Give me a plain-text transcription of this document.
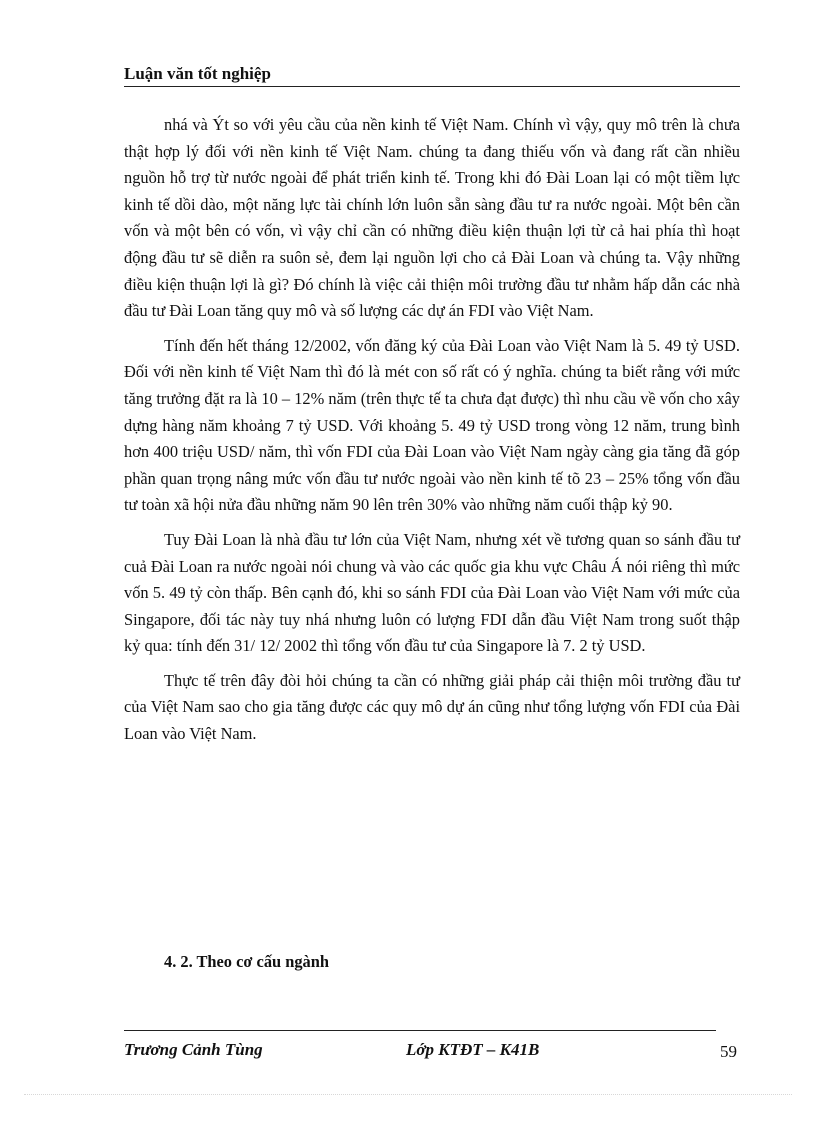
Luận văn tốt nghiệp

nhá và Ýt so với yêu cầu của nền kinh tế Việt Nam. Chính vì vậy, quy mô trên là chưa thật hợp lý đối với nền kinh tế Việt Nam. chúng ta đang thiếu vốn và đang rất cần nhiều nguồn hỗ trợ từ nước ngoài để phát triển kinh tế. Trong khi đó Đài Loan lại có một tiềm lực kinh tế dồi dào, một năng lực tài chính lớn luôn sẵn sàng đầu tư ra nước ngoài. Một bên cần vốn và một bên có vốn, vì vậy chỉ cần có những điều kiện thuận lợi từ cả hai phía thì hoạt động đầu tư sẽ diễn ra suôn sẻ, đem lại nguồn lợi cho cả Đài Loan và chúng ta. Vậy những điều kiện thuận lợi là gì? Đó chính là việc cải thiện môi trường đầu tư nhằm hấp dẫn các nhà đầu tư Đài Loan tăng quy mô và số lượng các dự án FDI vào Việt Nam.

Tính đến hết tháng 12/2002, vốn đăng ký của Đài Loan vào Việt Nam là 5. 49 tỷ USD. Đối với nền kinh tế Việt Nam thì đó là mét con số rất có ý nghĩa. chúng ta biết rằng với mức tăng trưởng đặt ra là 10 – 12% năm (trên thực tế ta chưa đạt được) thì nhu cầu về vốn cho xây dựng hàng năm khoảng 7 tỷ USD. Với khoảng 5. 49 tỷ USD trong vòng 12 năm, trung bình hơn 400 triệu USD/ năm, thì vốn FDI của Đài Loan vào Việt Nam ngày càng gia tăng đã góp phần quan trọng nâng mức vốn đầu tư nước ngoài vào nền kinh tế tõ 23 – 25% tổng vốn đầu tư toàn xã hội nửa đầu những năm 90 lên trên 30% vào những năm cuối thập kỷ 90.

Tuy Đài Loan là nhà đầu tư lớn của Việt Nam, nhưng xét về tương quan so sánh đầu tư cuả Đài Loan ra nước ngoài nói chung và vào các quốc gia khu vực Châu Á nói riêng thì mức vốn 5. 49 tỷ còn thấp. Bên cạnh đó, khi so sánh FDI của Đài Loan vào Việt Nam với mức của Singapore, đối tác này tuy nhá nhưng luôn có lượng FDI dẫn đầu Việt Nam trong suốt thập kỷ qua: tính đến 31/ 12/ 2002 thì tổng vốn đầu tư của Singapore là 7. 2 tỷ USD.

Thực tế trên đây đòi hỏi chúng ta cần có những giải pháp cải thiện môi trường đầu tư của Việt Nam sao cho gia tăng được các quy mô dự án cũng như tổng lượng vốn FDI của Đài Loan vào Việt Nam.

4. 2. Theo cơ cấu ngành
Trương Cảnh Tùng	Lớp KTĐT – K41B	59
